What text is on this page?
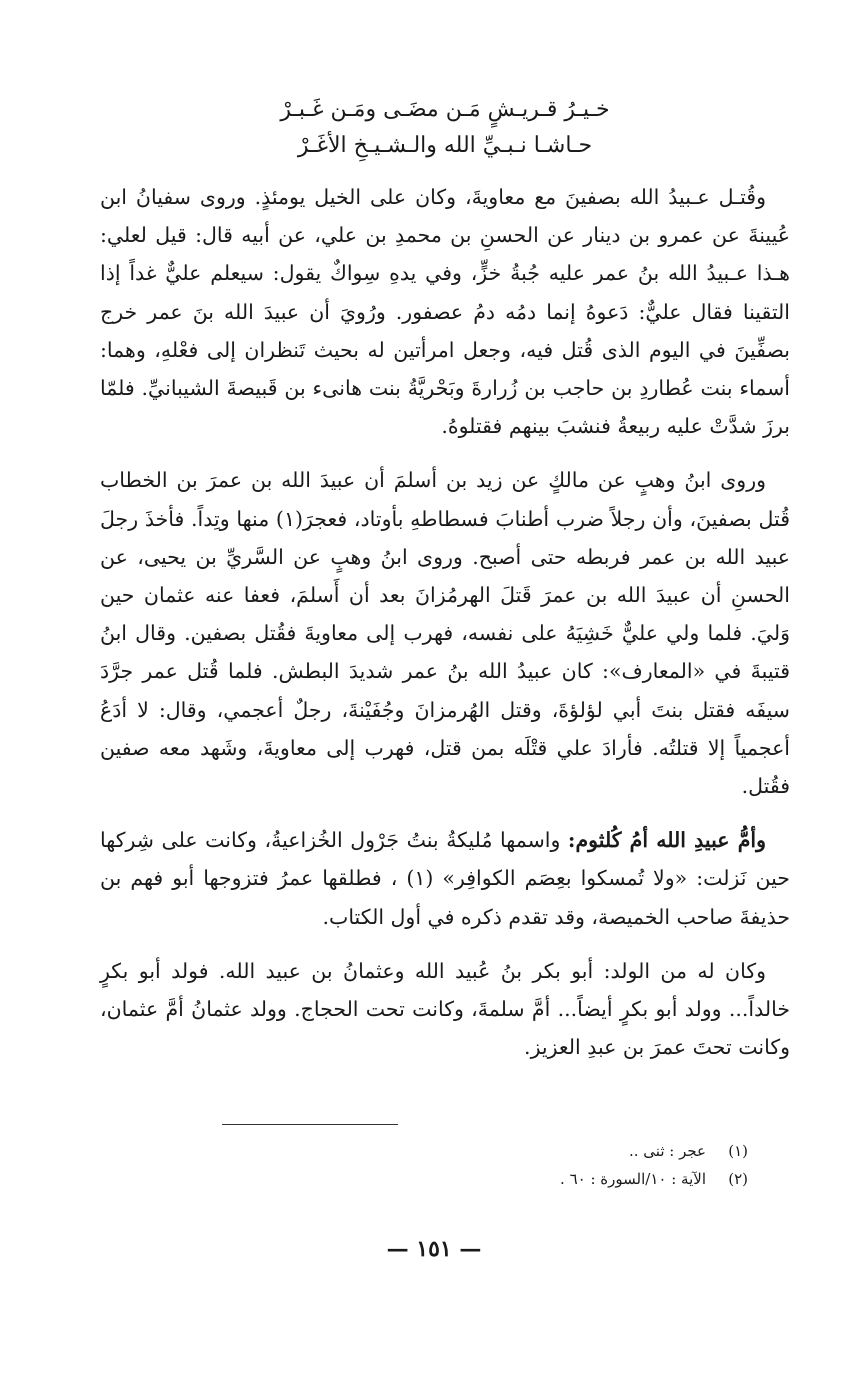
خـيـرُ قـريـشٍ مَـن مضَـى ومَـن غَـبـرْ
حـاشـا نـبـيِّ الله والـشـيـخِ الأغَـرْ

وقُتـل عـبيدُ الله بصفينَ مع معاويةَ، وكان على الخيل يومئذٍ. وروى سفيانُ ابن عُيينةَ عن عمرو بن دينار عن الحسنِ بن محمدِ بن علي، عن أبيه قال: قيل لعلي: هـذا عـبيدُ الله بنُ عمر عليه جُبةُ خزٍّ، وفي يدهِ سِواكٌ يقول: سيعلم عليٌّ غداً إذا التقينا فقال عليٌّ: دَعوهُ إنما دمُه دمُ عصفور. ورُويَ أن عبيدَ الله بنَ عمر خرج بصفِّينَ في اليوم الذى قُتل فيه، وجعل امرأتين له بحيث تَنظران إلى فعْلهِ، وهما: أسماء بنت عُطاردِ بن حاجب بن زُرارةَ وبَحْريَّةُ بنت هانىء بن قَبيصةَ الشيبانيِّ. فلمّا برزَ شدَّتْ عليه ربيعةُ فنشبَ بينهم فقتلوهُ.

وروى ابنُ وهبٍ عن مالكٍ عن زيد بن أسلمَ أن عبيدَ الله بن عمرَ بن الخطاب قُتل بصفينَ، وأن رجلاً ضرب أطنابَ فسطاطهِ بأوتاد، فعجرَ(١) منها وتِداً. فأخذَ رجلَ عبيد الله بن عمر فربطه حتى أصبح. وروى ابنُ وهبٍ عن السَّريِّ بن يحيى، عن الحسنِ أن عبيدَ الله بن عمرَ قَتلَ الهرمُزانَ بعد أن أَسلمَ، فعفا عنه عثمان حين وَليَ. فلما ولي عليٌّ خَشِيَهُ على نفسه، فهرب إلى معاويةَ فقُتل بصفين. وقال ابنُ قتيبةَ في «المعارف»: كان عبيدُ الله بنُ عمر شديدَ البطش. فلما قُتل عمر جرَّدَ سيفَه فقتل بنتَ أبي لؤلؤةَ، وقتل الهُرمزانَ وجُفَيْنةَ، رجلٌ أعجمي، وقال: لا أدَعُ أعجمياً إلا قتلتُه. فأرادَ علي قتْلَه بمن قتل، فهرب إلى معاويةَ، وشَهد معه صفين فقُتل.

وأمُّ عبيدِ الله أمُ كُلثوم: واسمها مُليكةُ بنتُ جَرْول الخُزاعيةُ، وكانت على شِركها حين نَزلت: «ولا تُمسكوا بعِصَم الكوافِر» (١) ، فطلقها عمرُ فتزوجها أبو فهم بن حذيفةَ صاحب الخميصة، وقد تقدم ذكره في أول الكتاب.

وكان له من الولد: أبو بكر بنُ عُبيد الله وعثمانُ بن عبيد الله. فولد أبو بكرٍ خالداً... وولد أبو بكرٍ أيضاً... أمَّ سلمةَ، وكانت تحت الحجاج. وولد عثمانُ أمَّ عثمان، وكانت تحتَ عمرَ بن عبدِ العزيز.

(١)عجر : ثنى ..
(٢)الآية : ١٠/السورة : ٦٠ .
— ١٥١ —
